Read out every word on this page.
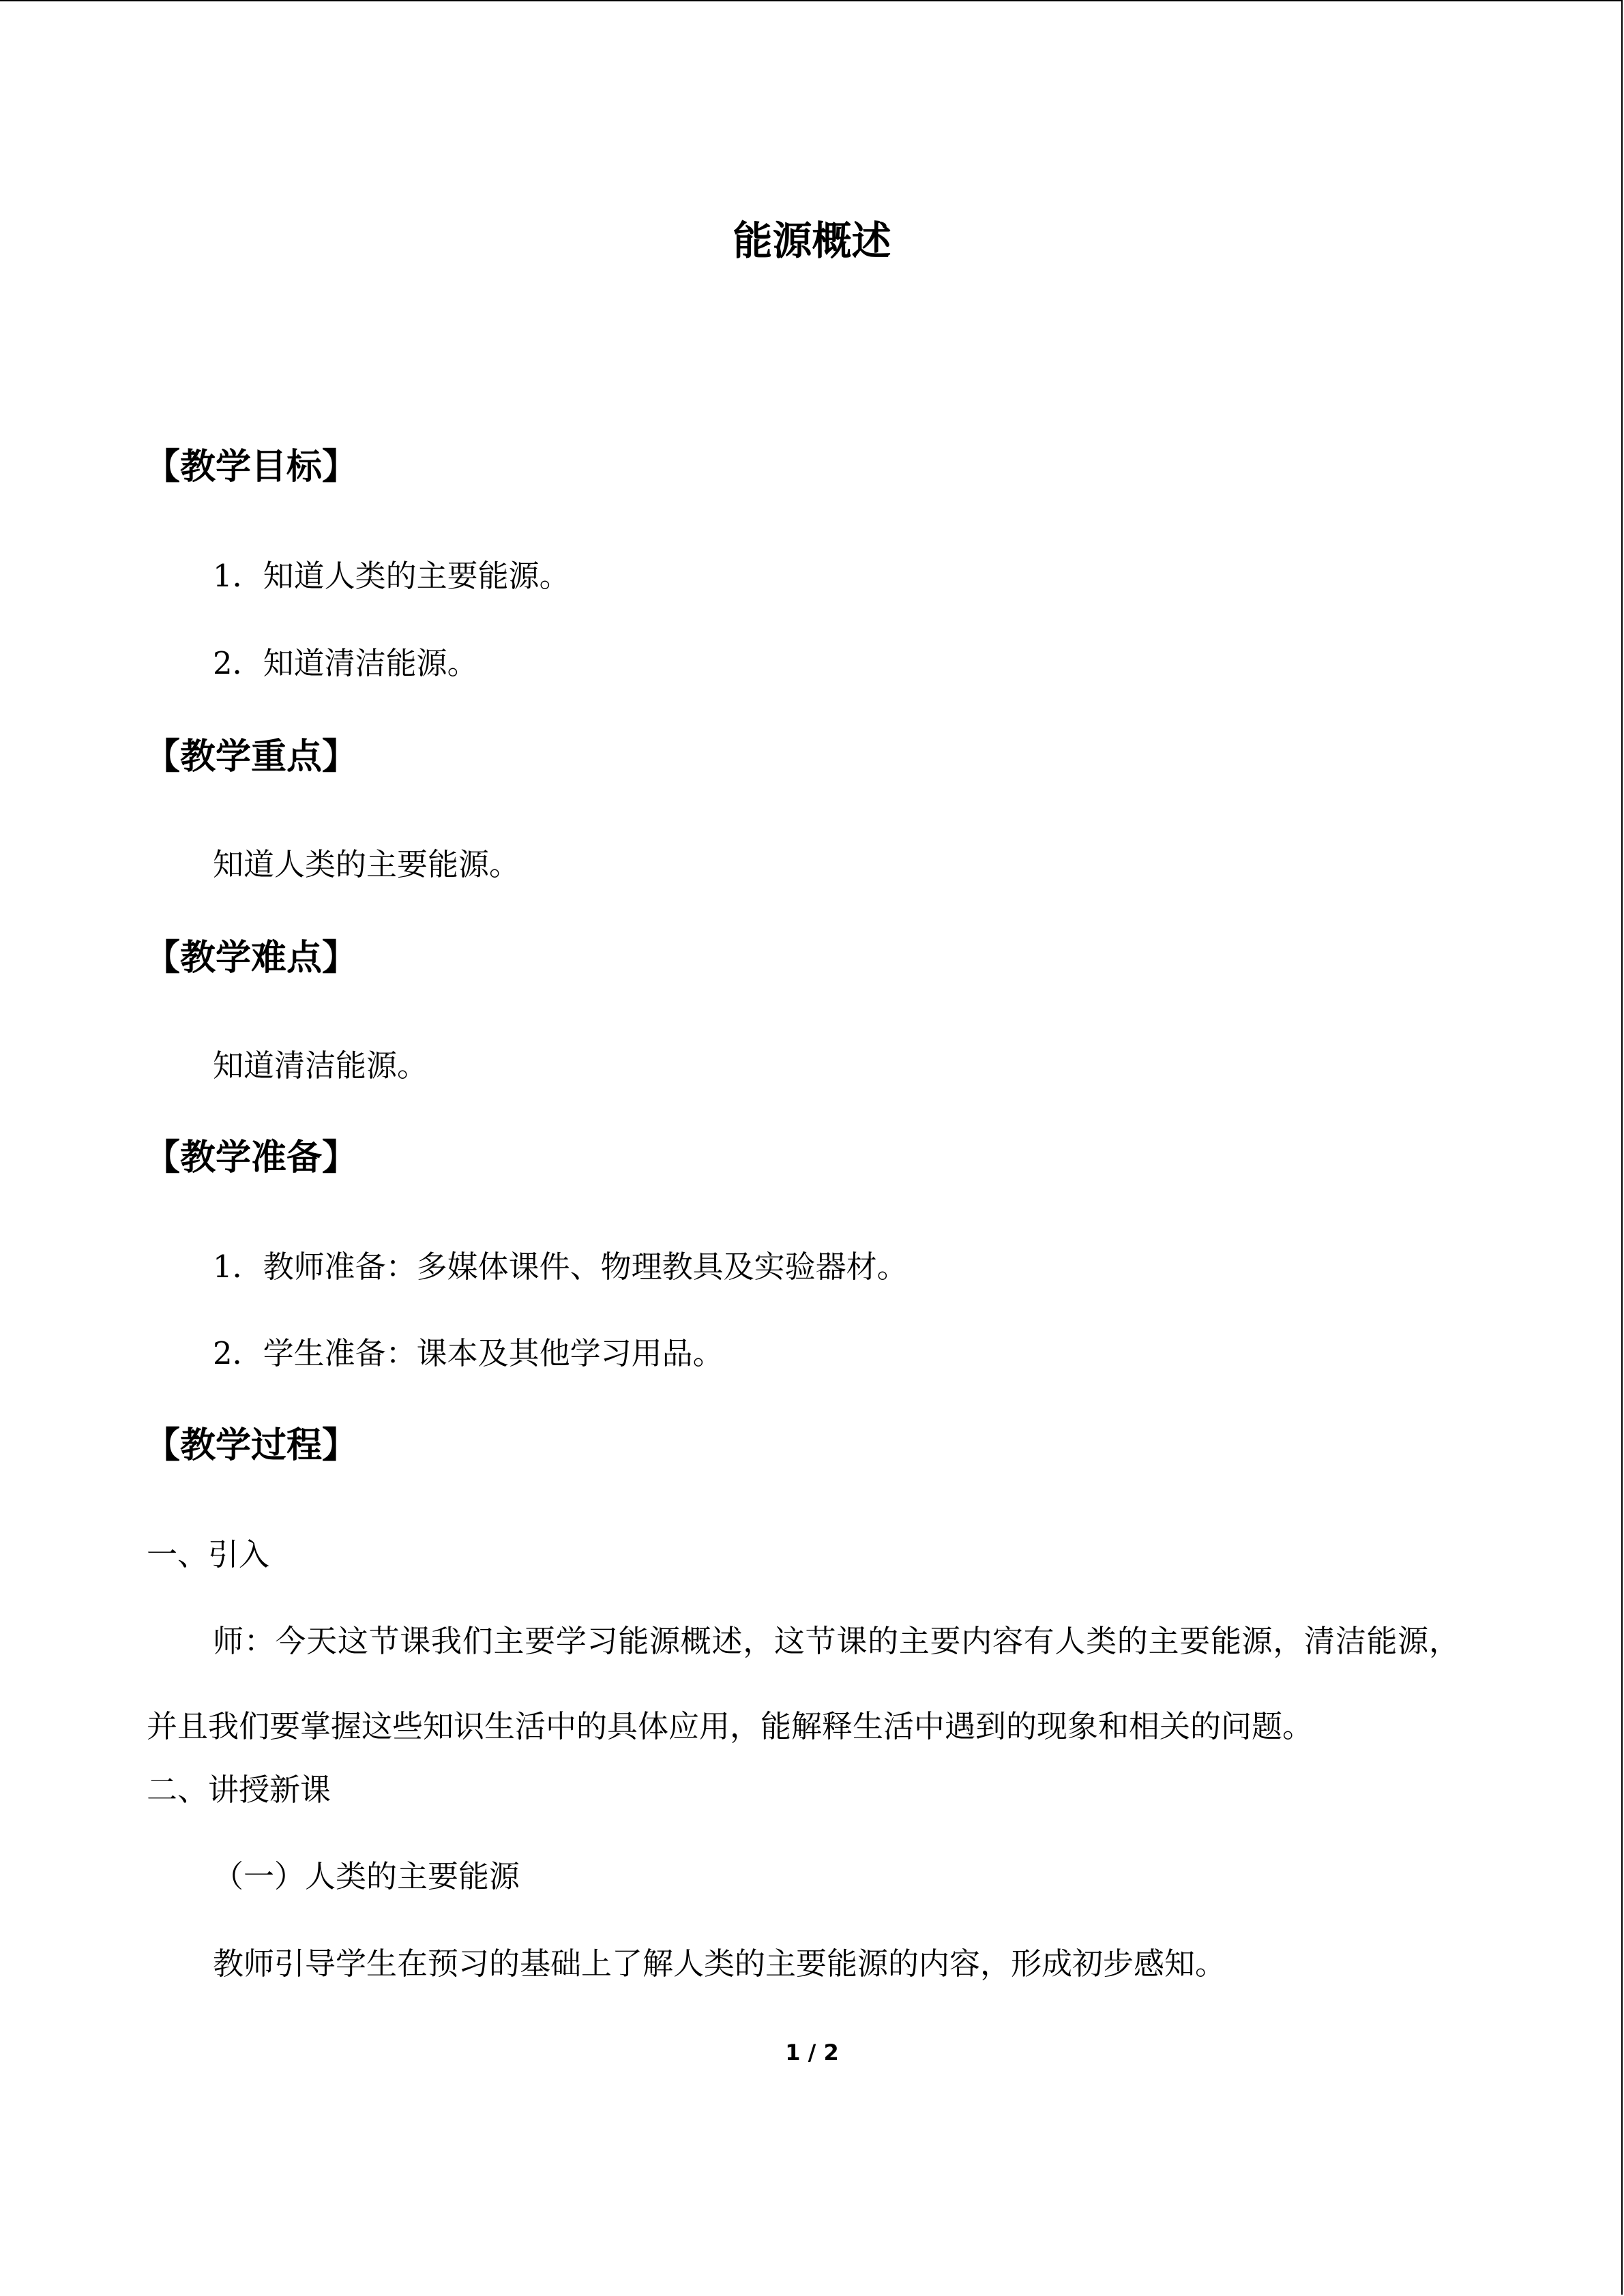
能源概述
【教学目标】
1．知道人类的主要能源。
2．知道清洁能源。
【教学重点】
知道人类的主要能源。
【教学难点】
知道清洁能源。
【教学准备】
1．教师准备：多媒体课件、物理教具及实验器材。
2．学生准备：课本及其他学习用品。
【教学过程】
一、引入
师：今天这节课我们主要学习能源概述，这节课的主要内容有人类的主要能源，清洁能源，并且我们要掌握这些知识生活中的具体应用，能解释生活中遇到的现象和相关的问题。
二、讲授新课
（一）人类的主要能源
教师引导学生在预习的基础上了解人类的主要能源的内容，形成初步感知。
1 / 2
